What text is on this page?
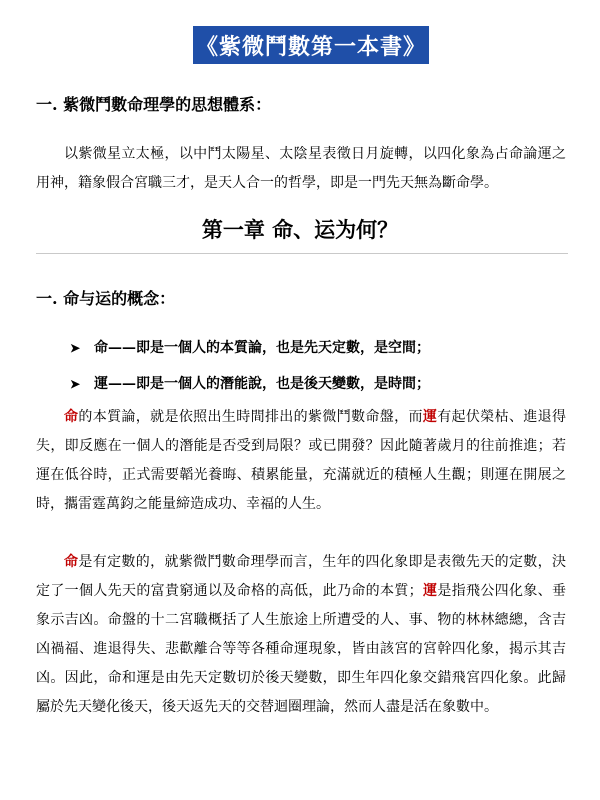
《紫微鬥數第一本書》
一. 紫微鬥數命理學的思想體系：
以紫微星立太極，以中鬥太陽星、太陰星表徵日月旋轉，以四化象為占命論運之用神，籍象假合宮職三才，是天人合一的哲學，即是一門先天無為斷命學。
第一章 命、运为何？
一. 命与运的概念：
➤ 命——即是一個人的本質論，也是先天定數，是空間；
➤ 運——即是一個人的潛能說，也是後天變數，是時間；
命的本質論，就是依照出生時間排出的紫微鬥數命盤，而運有起伏榮枯、進退得失，即反應在一個人的潛能是否受到局限？或已開發？因此隨著歲月的往前推進；若運在低谷時，正式需要韜光養晦、積累能量，充滿就近的積極人生觀；則運在開展之時，攜雷霆萬鈞之能量締造成功、幸福的人生。
命是有定數的，就紫微鬥數命理學而言，生年的四化象即是表徵先天的定數，決定了一個人先天的富貴窮通以及命格的高低，此乃命的本質；運是指飛公四化象、垂象示吉凶。命盤的十二宮職概括了人生旅途上所遭受的人、事、物的林林總總，含吉凶禍福、進退得失、悲歡離合等等各種命運現象，皆由該宮的宮幹四化象，揭示其吉凶。因此，命和運是由先天定數切於後天變數，即生年四化象交錯飛宮四化象。此歸屬於先天變化後天，後天返先天的交替迴圈理論，然而人盡是活在象數中。
